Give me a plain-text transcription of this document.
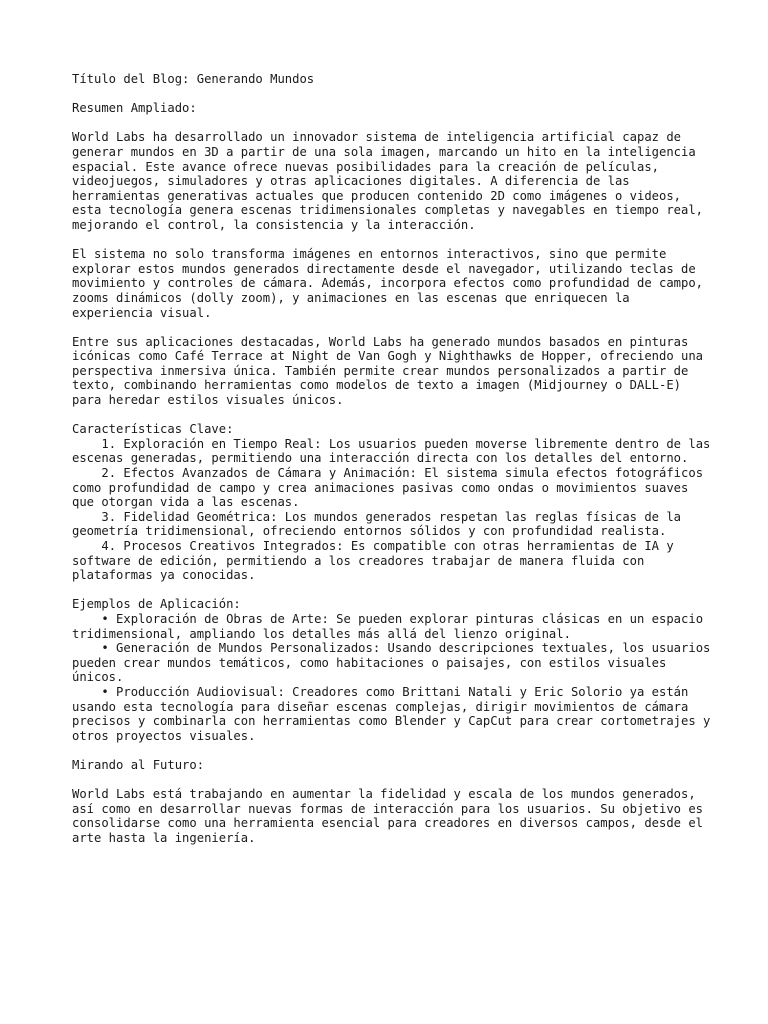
Título del Blog: Generando Mundos

Resumen Ampliado:

World Labs ha desarrollado un innovador sistema de inteligencia artificial capaz de generar mundos en 3D a partir de una sola imagen, marcando un hito en la inteligencia espacial. Este avance ofrece nuevas posibilidades para la creación de películas, videojuegos, simuladores y otras aplicaciones digitales. A diferencia de las herramientas generativas actuales que producen contenido 2D como imágenes o videos, esta tecnología genera escenas tridimensionales completas y navegables en tiempo real, mejorando el control, la consistencia y la interacción.

El sistema no solo transforma imágenes en entornos interactivos, sino que permite explorar estos mundos generados directamente desde el navegador, utilizando teclas de movimiento y controles de cámara. Además, incorpora efectos como profundidad de campo, zooms dinámicos (dolly zoom), y animaciones en las escenas que enriquecen la experiencia visual.

Entre sus aplicaciones destacadas, World Labs ha generado mundos basados en pinturas icónicas como Café Terrace at Night de Van Gogh y Nighthawks de Hopper, ofreciendo una perspectiva inmersiva única. También permite crear mundos personalizados a partir de texto, combinando herramientas como modelos de texto a imagen (Midjourney o DALL-E) para heredar estilos visuales únicos.

Características Clave:

1. Exploración en Tiempo Real: Los usuarios pueden moverse libremente dentro de las escenas generadas, permitiendo una interacción directa con los detalles del entorno.

2. Efectos Avanzados de Cámara y Animación: El sistema simula efectos fotográficos como profundidad de campo y crea animaciones pasivas como ondas o movimientos suaves que otorgan vida a las escenas.

3. Fidelidad Geométrica: Los mundos generados respetan las reglas físicas de la geometría tridimensional, ofreciendo entornos sólidos y con profundidad realista.

4. Procesos Creativos Integrados: Es compatible con otras herramientas de IA y software de edición, permitiendo a los creadores trabajar de manera fluida con plataformas ya conocidas.

Ejemplos de Aplicación:

• Exploración de Obras de Arte: Se pueden explorar pinturas clásicas en un espacio tridimensional, ampliando los detalles más allá del lienzo original.

• Generación de Mundos Personalizados: Usando descripciones textuales, los usuarios pueden crear mundos temáticos, como habitaciones o paisajes, con estilos visuales únicos.

• Producción Audiovisual: Creadores como Brittani Natali y Eric Solorio ya están usando esta tecnología para diseñar escenas complejas, dirigir movimientos de cámara precisos y combinarla con herramientas como Blender y CapCut para crear cortometrajes y otros proyectos visuales.

Mirando al Futuro:

World Labs está trabajando en aumentar la fidelidad y escala de los mundos generados, así como en desarrollar nuevas formas de interacción para los usuarios. Su objetivo es consolidarse como una herramienta esencial para creadores en diversos campos, desde el arte hasta la ingeniería.
